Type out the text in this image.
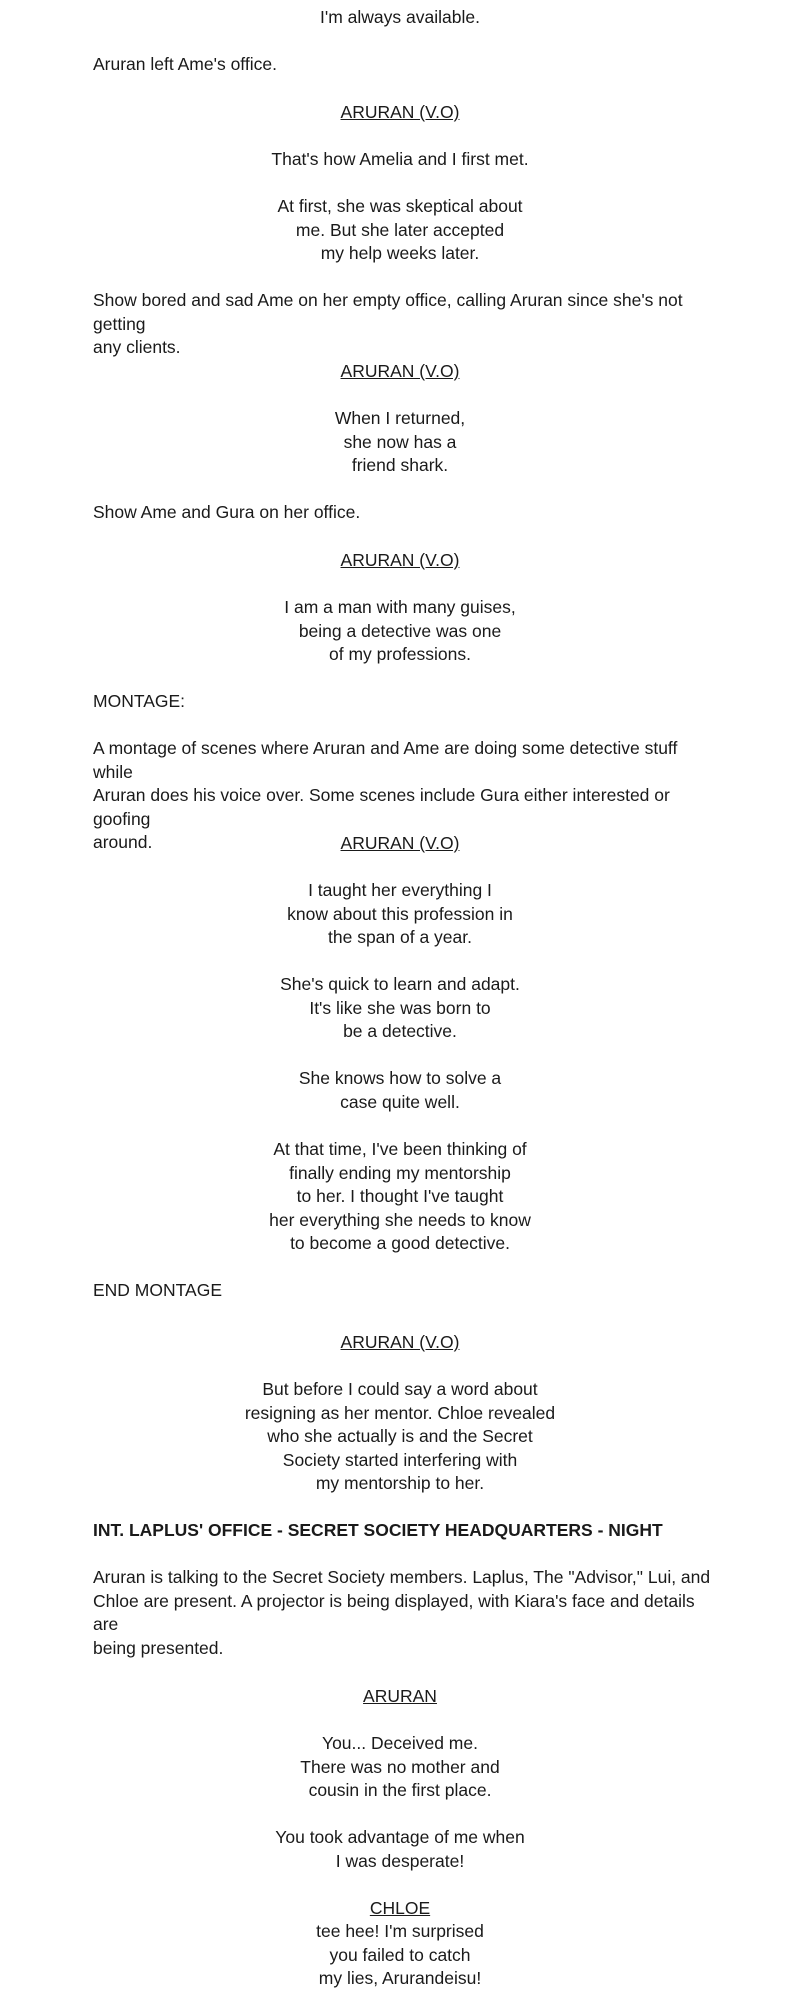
I'm always available.

Aruran left Ame's office.

ARURAN (V.O)

That's how Amelia and I first met.

At first, she was skeptical about
me. But she later accepted
my help weeks later.

Show bored and sad Ame on her empty office, calling Aruran since she's not getting
any clients.

ARURAN (V.O)

When I returned,
she now has a
friend shark.

Show Ame and Gura on her office.

ARURAN (V.O)

I am a man with many guises,
being a detective was one
of my professions.

MONTAGE:

A montage of scenes where Aruran and Ame are doing some detective stuff while
Aruran does his voice over. Some scenes include Gura either interested or goofing
around.	ARURAN (V.O)

I taught her everything I
know about this profession in
the span of a year.

She's quick to learn and adapt.
It's like she was born to
be a detective.

She knows how to solve a
case quite well.

At that time, I've been thinking of
finally ending my mentorship
to her. I thought I've taught
her everything she needs to know
to become a good detective.

END MONTAGE

ARURAN (V.O)

But before I could say a word about
resigning as her mentor. Chloe revealed
who she actually is and the Secret
Society started interfering with
my mentorship to her.

INT. LAPLUS' OFFICE - SECRET SOCIETY HEADQUARTERS - NIGHT

Aruran is talking to the Secret Society members. Laplus, The "Advisor," Lui, and
Chloe are present. A projector is being displayed, with Kiara's face and details are
being presented.

ARURAN

You... Deceived me.
There was no mother and
cousin in the first place.

You took advantage of me when
I was desperate!

CHLOE

tee hee! I'm surprised
you failed to catch
my lies, Arurandeisu!
